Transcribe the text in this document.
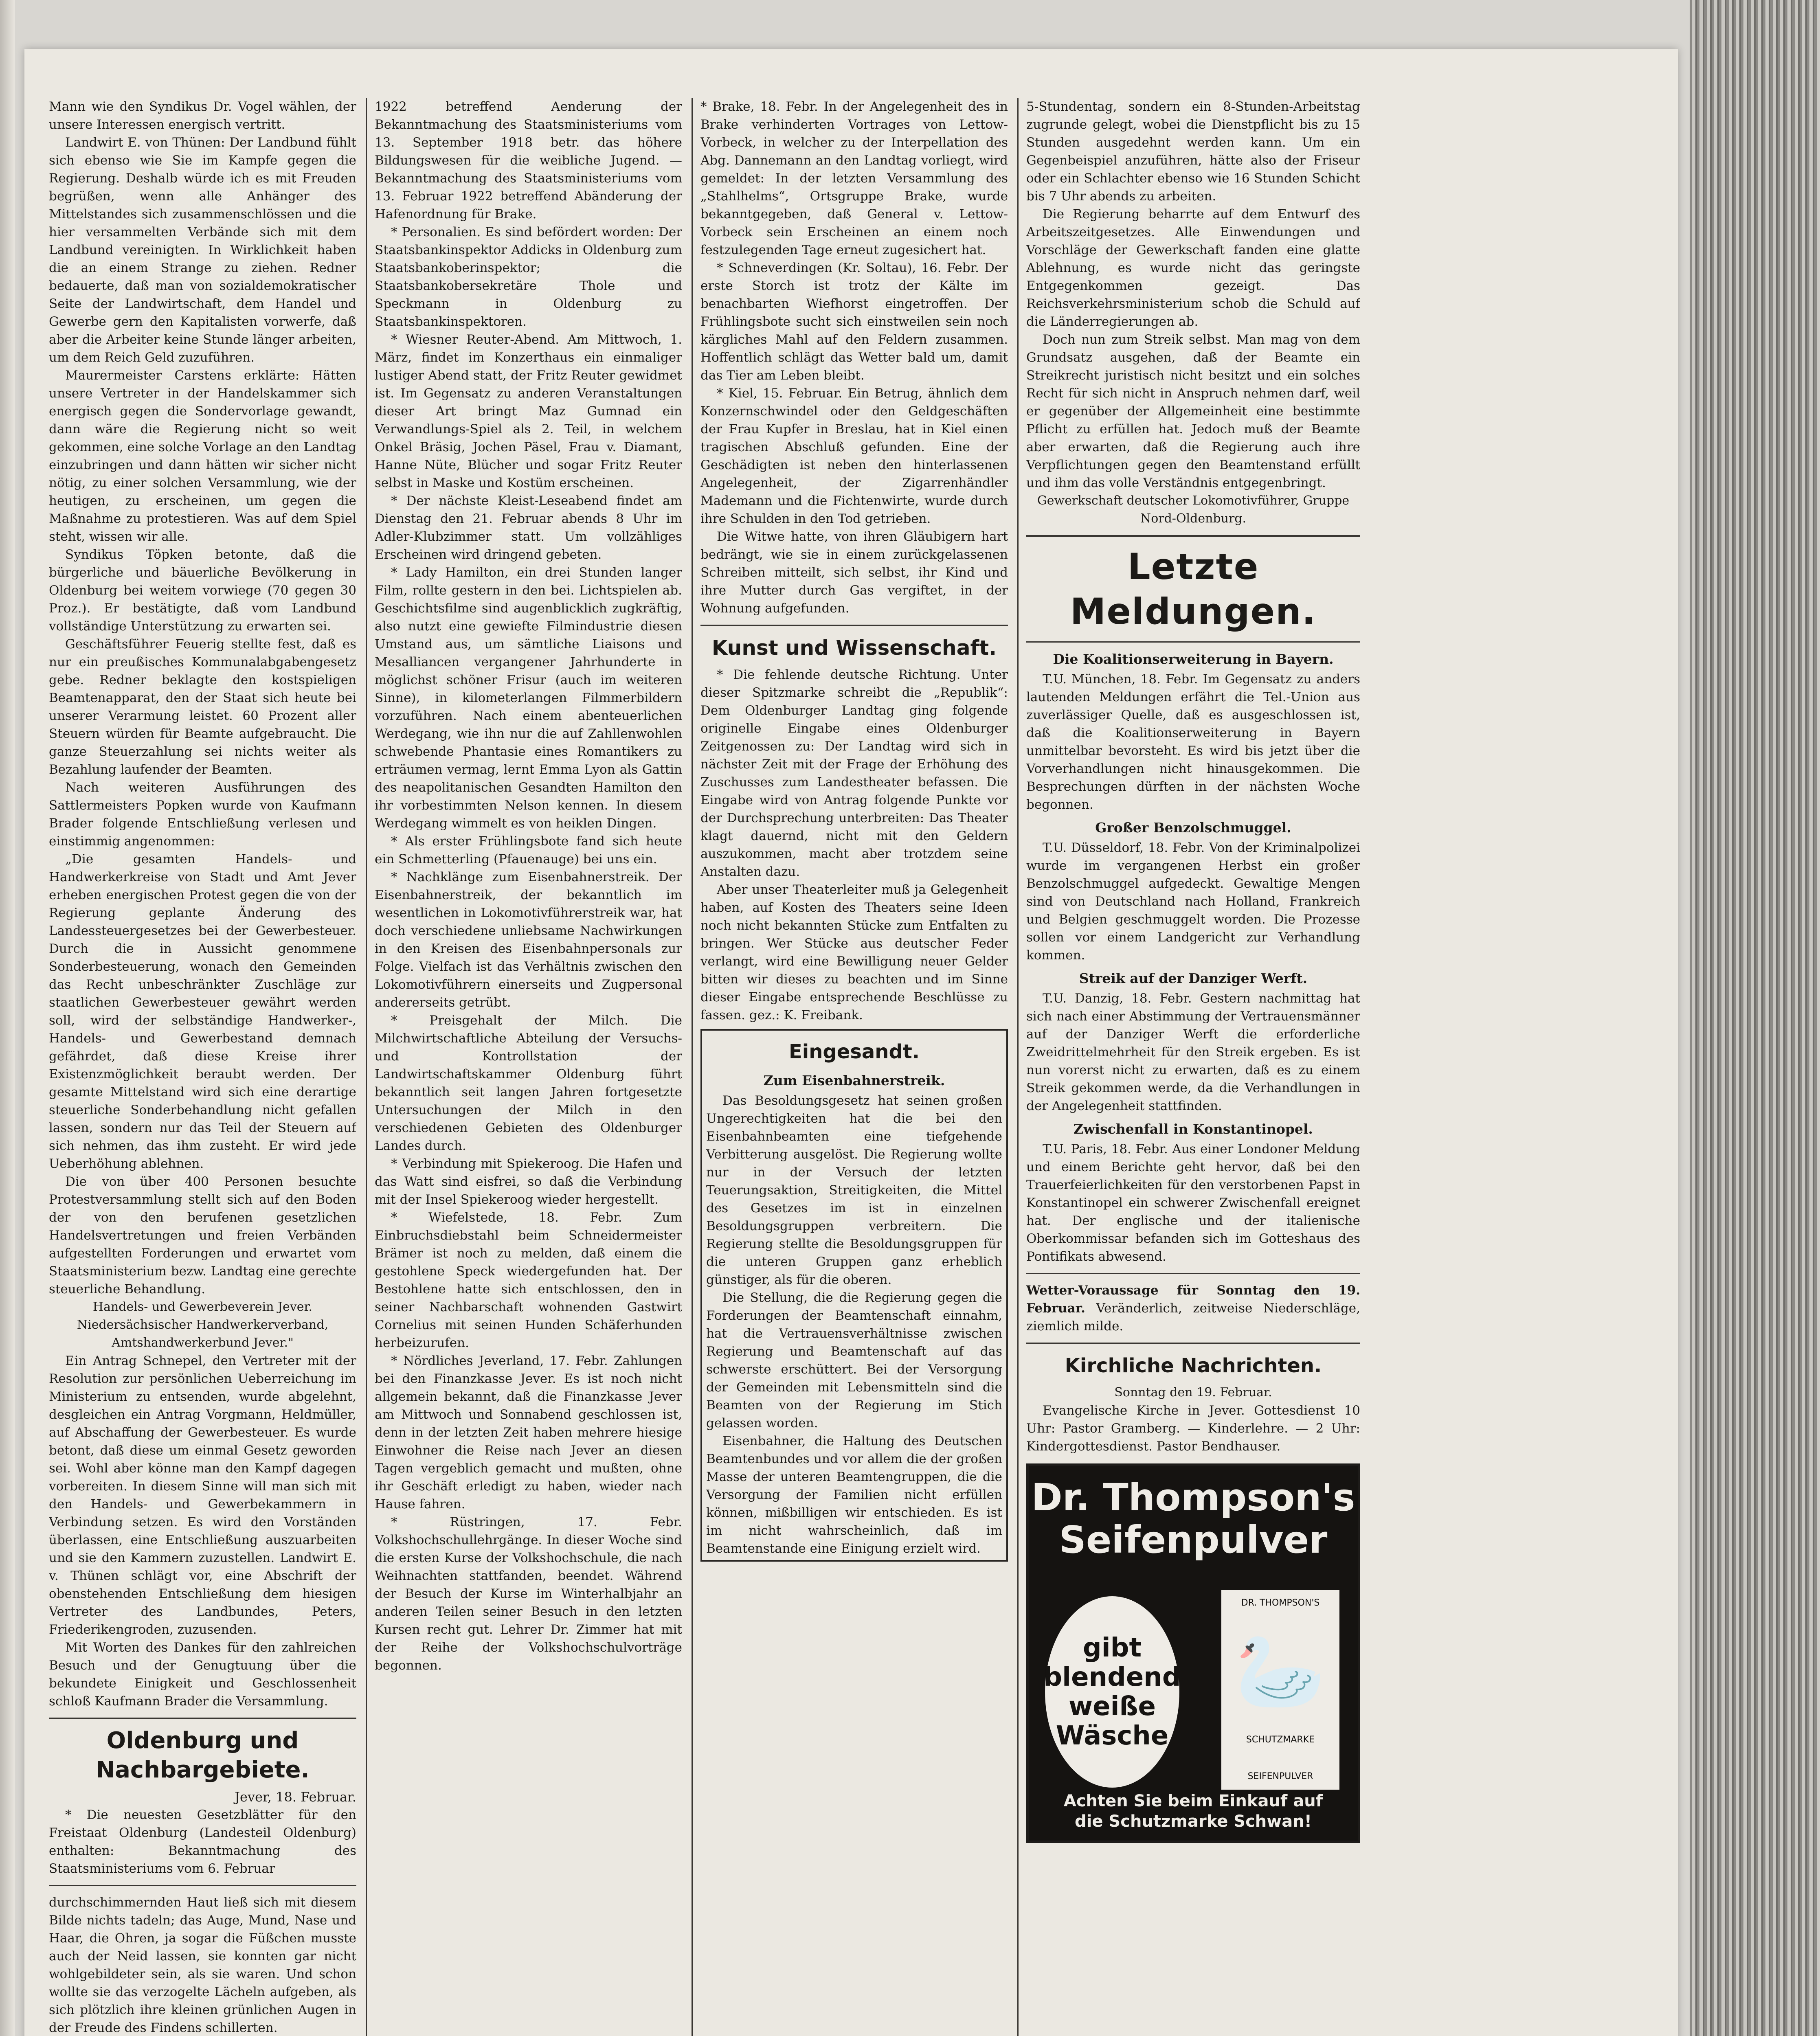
Mann wie den Syndikus Dr. Vogel wählen, der unsere Interessen energisch vertritt.

Landwirt E. von Thünen: Der Landbund fühlt sich ebenso wie Sie im Kampfe gegen die Regierung. Deshalb würde ich es mit Freuden begrüßen, wenn alle Anhänger des Mittelstandes sich zusammenschlössen und die hier versammelten Verbände sich mit dem Landbund vereinigten. In Wirklichkeit haben die an einem Strange zu ziehen. Redner bedauerte, daß man von sozialdemokratischer Seite der Landwirtschaft, dem Handel und Gewerbe gern den Kapitalisten vorwerfe, daß aber die Arbeiter keine Stunde länger arbeiten, um dem Reich Geld zuzuführen.

Maurermeister Carstens erklärte: Hätten unsere Vertreter in der Handelskammer sich energisch gegen die Sondervorlage gewandt, dann wäre die Regierung nicht so weit gekommen, eine solche Vorlage an den Landtag einzubringen und dann hätten wir sicher nicht nötig, zu einer solchen Versammlung, wie der heutigen, zu erscheinen, um gegen die Maßnahme zu protestieren. Was auf dem Spiel steht, wissen wir alle.

Syndikus Töpken betonte, daß die bürgerliche und bäuerliche Bevölkerung in Oldenburg bei weitem vorwiege (70 gegen 30 Proz.). Er bestätigte, daß vom Landbund vollständige Unterstützung zu erwarten sei.

Geschäftsführer Feuerig stellte fest, daß es nur ein preußisches Kommunalabgabengesetz gebe. Redner beklagte den kostspieligen Beamtenapparat, den der Staat sich heute bei unserer Verarmung leistet. 60 Prozent aller Steuern würden für Beamte aufgebraucht. Die ganze Steuerzahlung sei nichts weiter als Bezahlung laufender der Beamten.

Nach weiteren Ausführungen des Sattlermeisters Popken wurde von Kaufmann Brader folgende Entschließung verlesen und einstimmig angenommen:

„Die gesamten Handels- und Handwerkerkreise von Stadt und Amt Jever erheben energischen Protest gegen die von der Regierung geplante Änderung des Landessteuergesetzes bei der Gewerbesteuer. Durch die in Aussicht genommene Sonderbesteuerung, wonach den Gemeinden das Recht unbeschränkter Zuschläge zur staatlichen Gewerbesteuer gewährt werden soll, wird der selbständige Handwerker-, Handels- und Gewerbestand demnach gefährdet, daß diese Kreise ihrer Existenzmöglichkeit beraubt werden. Der gesamte Mittelstand wird sich eine derartige steuerliche Sonderbehandlung nicht gefallen lassen, sondern nur das Teil der Steuern auf sich nehmen, das ihm zusteht. Er wird jede Ueberhöhung ablehnen.

Die von über 400 Personen besuchte Protestversammlung stellt sich auf den Boden der von den berufenen gesetzlichen Handelsvertretungen und freien Verbänden aufgestellten Forderungen und erwartet vom Staatsministerium bezw. Landtag eine gerechte steuerliche Behandlung.

Handels- und Gewerbeverein Jever.
Niedersächsischer Handwerkerverband,
Amtshandwerkerbund Jever."

Ein Antrag Schnepel, den Vertreter mit der Resolution zur persönlichen Ueberreichung im Ministerium zu entsenden, wurde abgelehnt, desgleichen ein Antrag Vorgmann, Heldmüller, auf Abschaffung der Gewerbesteuer. Es wurde betont, daß diese um einmal Gesetz geworden sei. Wohl aber könne man den Kampf dagegen vorbereiten. In diesem Sinne will man sich mit den Handels- und Gewerbekammern in Verbindung setzen. Es wird den Vorständen überlassen, eine Entschließung auszuarbeiten und sie den Kammern zuzustellen. Landwirt E. v. Thünen schlägt vor, eine Abschrift der obenstehenden Entschließung dem hiesigen Vertreter des Landbundes, Peters, Friederikengroden, zuzusenden.

Mit Worten des Dankes für den zahlreichen Besuch und der Genugtuung über die bekundete Einigkeit und Geschlossenheit schloß Kaufmann Brader die Versammlung.

Oldenburg und Nachbargebiete.
Jever, 18. Februar.

* Die neuesten Gesetzblätter für den Freistaat Oldenburg (Landesteil Oldenburg) enthalten: Bekanntmachung des Staatsministeriums vom 6. Februar

durchschimmernden Haut ließ sich mit diesem Bilde nichts tadeln; das Auge, Mund, Nase und Haar, die Ohren, ja sogar die Füßchen musste auch der Neid lassen, sie konnten gar nicht wohlgebildeter sein, als sie waren. Und schon wollte sie das verzogelte Lächeln aufgeben, als sich plötzlich ihre kleinen grünlichen Augen in der Freude des Findens schillerten.

1922 betreffend Aenderung der Bekanntmachung des Staatsministeriums vom 13. September 1918 betr. das höhere Bildungswesen für die weibliche Jugend. — Bekanntmachung des Staatsministeriums vom 13. Februar 1922 betreffend Abänderung der Hafenordnung für Brake.

* Personalien. Es sind befördert worden: Der Staatsbankinspektor Addicks in Oldenburg zum Staatsbankoberinspektor; die Staatsbankobersekretäre Thole und Speckmann in Oldenburg zu Staatsbankinspektoren.

* Wiesner Reuter-Abend. Am Mittwoch, 1. März, findet im Konzerthaus ein einmaliger lustiger Abend statt, der Fritz Reuter gewidmet ist. Im Gegensatz zu anderen Veranstaltungen dieser Art bringt Maz Gumnad ein Verwandlungs-Spiel als 2. Teil, in welchem Onkel Bräsig, Jochen Päsel, Frau v. Diamant, Hanne Nüte, Blücher und sogar Fritz Reuter selbst in Maske und Kostüm erscheinen.

* Der nächste Kleist-Leseabend findet am Dienstag den 21. Februar abends 8 Uhr im Adler-Klubzimmer statt. Um vollzähliges Erscheinen wird dringend gebeten.

* Lady Hamilton, ein drei Stunden langer Film, rollte gestern in den bei. Lichtspielen ab. Geschichtsfilme sind augenblicklich zugkräftig, also nutzt eine gewiefte Filmindustrie diesen Umstand aus, um sämtliche Liaisons und Mesalliancen vergangener Jahrhunderte in möglichst schöner Frisur (auch im weiteren Sinne), in kilometerlangen Filmmerbildern vorzuführen. Nach einem abenteuerlichen Werdegang, wie ihn nur die auf Zahllenwohlen schwebende Phantasie eines Romantikers zu erträumen vermag, lernt Emma Lyon als Gattin des neapolitanischen Gesandten Hamilton den ihr vorbestimmten Nelson kennen. In diesem Werdegang wimmelt es von heiklen Dingen.

* Als erster Frühlingsbote fand sich heute ein Schmetterling (Pfauenauge) bei uns ein.

* Nachklänge zum Eisenbahnerstreik. Der Eisenbahnerstreik, der bekanntlich im wesentlichen in Lokomotivführerstreik war, hat doch verschiedene unliebsame Nachwirkungen in den Kreisen des Eisenbahnpersonals zur Folge. Vielfach ist das Verhältnis zwischen den Lokomotivführern einerseits und Zugpersonal andererseits getrübt.

* Preisgehalt der Milch. Die Milchwirtschaftliche Abteilung der Versuchs- und Kontrollstation der Landwirtschaftskammer Oldenburg führt bekanntlich seit langen Jahren fortgesetzte Untersuchungen der Milch in den verschiedenen Gebieten des Oldenburger Landes durch.

* Verbindung mit Spiekeroog. Die Hafen und das Watt sind eisfrei, so daß die Verbindung mit der Insel Spiekeroog wieder hergestellt.

* Wiefelstede, 18. Febr. Zum Einbruchsdiebstahl beim Schneidermeister Brämer ist noch zu melden, daß einem die gestohlene Speck wiedergefunden hat. Der Bestohlene hatte sich entschlossen, den in seiner Nachbarschaft wohnenden Gastwirt Cornelius mit seinen Hunden Schäferhunden herbeizurufen.

* Nördliches Jeverland, 17. Febr. Zahlungen bei den Finanzkasse Jever. Es ist noch nicht allgemein bekannt, daß die Finanzkasse Jever am Mittwoch und Sonnabend geschlossen ist, denn in der letzten Zeit haben mehrere hiesige Einwohner die Reise nach Jever an diesen Tagen vergeblich gemacht und mußten, ohne ihr Geschäft erledigt zu haben, wieder nach Hause fahren.

* Rüstringen, 17. Febr. Volkshochschullehrgänge. In dieser Woche sind die ersten Kurse der Volkshochschule, die nach Weihnachten stattfanden, beendet. Während der Besuch der Kurse im Winterhalbjahr an anderen Teilen seiner Besuch in den letzten Kursen recht gut. Lehrer Dr. Zimmer hat mit der Reihe der Volkshochschulvorträge begonnen.

* Brake, 18. Febr. In der Angelegenheit des in Brake verhinderten Vortrages von Lettow-Vorbeck, in welcher zu der Interpellation des Abg. Dannemann an den Landtag vorliegt, wird gemeldet: In der letzten Versammlung des „Stahlhelms“, Ortsgruppe Brake, wurde bekanntgegeben, daß General v. Lettow-Vorbeck sein Erscheinen an einem noch festzulegenden Tage erneut zugesichert hat.

* Schneverdingen (Kr. Soltau), 16. Febr. Der erste Storch ist trotz der Kälte im benachbarten Wiefhorst eingetroffen. Der Frühlingsbote sucht sich einstweilen sein noch kärgliches Mahl auf den Feldern zusammen. Hoffentlich schlägt das Wetter bald um, damit das Tier am Leben bleibt.

* Kiel, 15. Februar. Ein Betrug, ähnlich dem Konzernschwindel oder den Geldgeschäften der Frau Kupfer in Breslau, hat in Kiel einen tragischen Abschluß gefunden. Eine der Geschädigten ist neben den hinterlassenen Angelegenheit, der Zigarrenhändler Mademann und die Fichtenwirte, wurde durch ihre Schulden in den Tod getrieben.

Die Witwe hatte, von ihren Gläubigern hart bedrängt, wie sie in einem zurückgelassenen Schreiben mitteilt, sich selbst, ihr Kind und ihre Mutter durch Gas vergiftet, in der Wohnung aufgefunden.

Kunst und Wissenschaft.

* Die fehlende deutsche Richtung. Unter dieser Spitzmarke schreibt die „Republik“: Dem Oldenburger Landtag ging folgende originelle Eingabe eines Oldenburger Zeitgenossen zu: Der Landtag wird sich in nächster Zeit mit der Frage der Erhöhung des Zuschusses zum Landestheater befassen. Die Eingabe wird von Antrag folgende Punkte vor der Durchsprechung unterbreiten: Das Theater klagt dauernd, nicht mit den Geldern auszukommen, macht aber trotzdem seine Anstalten dazu.

Aber unser Theaterleiter muß ja Gelegenheit haben, auf Kosten des Theaters seine Ideen noch nicht bekannten Stücke zum Entfalten zu bringen. Wer Stücke aus deutscher Feder verlangt, wird eine Bewilligung neuer Gelder bitten wir dieses zu beachten und im Sinne dieser Eingabe entsprechende Beschlüsse zu fassen. gez.: K. Freibank.

Eingesandt.
Zum Eisenbahnerstreik.

Das Besoldungsgesetz hat seinen großen Ungerechtigkeiten hat die bei den Eisenbahnbeamten eine tiefgehende Verbitterung ausgelöst. Die Regierung wollte nur in der Versuch der letzten Teuerungsaktion, Streitigkeiten, die Mittel des Gesetzes im ist in einzelnen Besoldungsgruppen verbreitern. Die Regierung stellte die Besoldungsgruppen für die unteren Gruppen ganz erheblich günstiger, als für die oberen.

Die Stellung, die die Regierung gegen die Forderungen der Beamtenschaft einnahm, hat die Vertrauensverhältnisse zwischen Regierung und Beamtenschaft auf das schwerste erschüttert. Bei der Versorgung der Gemeinden mit Lebensmitteln sind die Beamten von der Regierung im Stich gelassen worden.

Eisenbahner, die Haltung des Deutschen Beamtenbundes und vor allem die der großen Masse der unteren Beamtengruppen, die die Versorgung der Familien nicht erfüllen können, mißbilligen wir entschieden. Es ist im nicht wahrscheinlich, daß im Beamtenstande eine Einigung erzielt wird.

5-Stundentag, sondern ein 8-Stunden-Arbeitstag zugrunde gelegt, wobei die Dienstpflicht bis zu 15 Stunden ausgedehnt werden kann. Um ein Gegenbeispiel anzuführen, hätte also der Friseur oder ein Schlachter ebenso wie 16 Stunden Schicht bis 7 Uhr abends zu arbeiten.

Die Regierung beharrte auf dem Entwurf des Arbeitszeitgesetzes. Alle Einwendungen und Vorschläge der Gewerkschaft fanden eine glatte Ablehnung, es wurde nicht das geringste Entgegenkommen gezeigt. Das Reichsverkehrsministerium schob die Schuld auf die Länderregierungen ab.

Doch nun zum Streik selbst. Man mag von dem Grundsatz ausgehen, daß der Beamte ein Streikrecht juristisch nicht besitzt und ein solches Recht für sich nicht in Anspruch nehmen darf, weil er gegenüber der Allgemeinheit eine bestimmte Pflicht zu erfüllen hat. Jedoch muß der Beamte aber erwarten, daß die Regierung auch ihre Verpflichtungen gegen den Beamtenstand erfüllt und ihm das volle Verständnis entgegenbringt.

Gewerkschaft deutscher Lokomotivführer, Gruppe Nord-Oldenburg.
Letzte Meldungen.
Die Koalitionserweiterung in Bayern.

T.U. München, 18. Febr. Im Gegensatz zu anders lautenden Meldungen erfährt die Tel.-Union aus zuverlässiger Quelle, daß es ausgeschlossen ist, daß die Koalitionserweiterung in Bayern unmittelbar bevorsteht. Es wird bis jetzt über die Vorverhandlungen nicht hinausgekommen. Die Besprechungen dürften in der nächsten Woche begonnen.

Großer Benzolschmuggel.

T.U. Düsseldorf, 18. Febr. Von der Kriminalpolizei wurde im vergangenen Herbst ein großer Benzolschmuggel aufgedeckt. Gewaltige Mengen sind von Deutschland nach Holland, Frankreich und Belgien geschmuggelt worden. Die Prozesse sollen vor einem Landgericht zur Verhandlung kommen.

Streik auf der Danziger Werft.

T.U. Danzig, 18. Febr. Gestern nachmittag hat sich nach einer Abstimmung der Vertrauensmänner auf der Danziger Werft die erforderliche Zweidrittelmehrheit für den Streik ergeben. Es ist nun vorerst nicht zu erwarten, daß es zu einem Streik gekommen werde, da die Verhandlungen in der Angelegenheit stattfinden.

Zwischenfall in Konstantinopel.

T.U. Paris, 18. Febr. Aus einer Londoner Meldung und einem Berichte geht hervor, daß bei den Trauerfeierlichkeiten für den verstorbenen Papst in Konstantinopel ein schwerer Zwischenfall ereignet hat. Der englische und der italienische Oberkommissar befanden sich im Gotteshaus des Pontifikats abwesend.

Wetter-Voraussage für Sonntag den 19. Februar. Veränderlich, zeitweise Niederschläge, ziemlich milde.

Kirchliche Nachrichten.
Sonntag den 19. Februar.

Evangelische Kirche in Jever. Gottesdienst 10 Uhr: Pastor Gramberg. — Kinderlehre. — 2 Uhr: Kindergottesdienst. Pastor Bendhauser.

Dr. Thompson's
Seifenpulver
gibt
blendend
weiße Wäsche
DR. THOMPSON'S
🦢
SCHUTZMARKE
SEIFENPULVER
Achten Sie beim Einkauf auf
die Schutzmarke Schwan!
